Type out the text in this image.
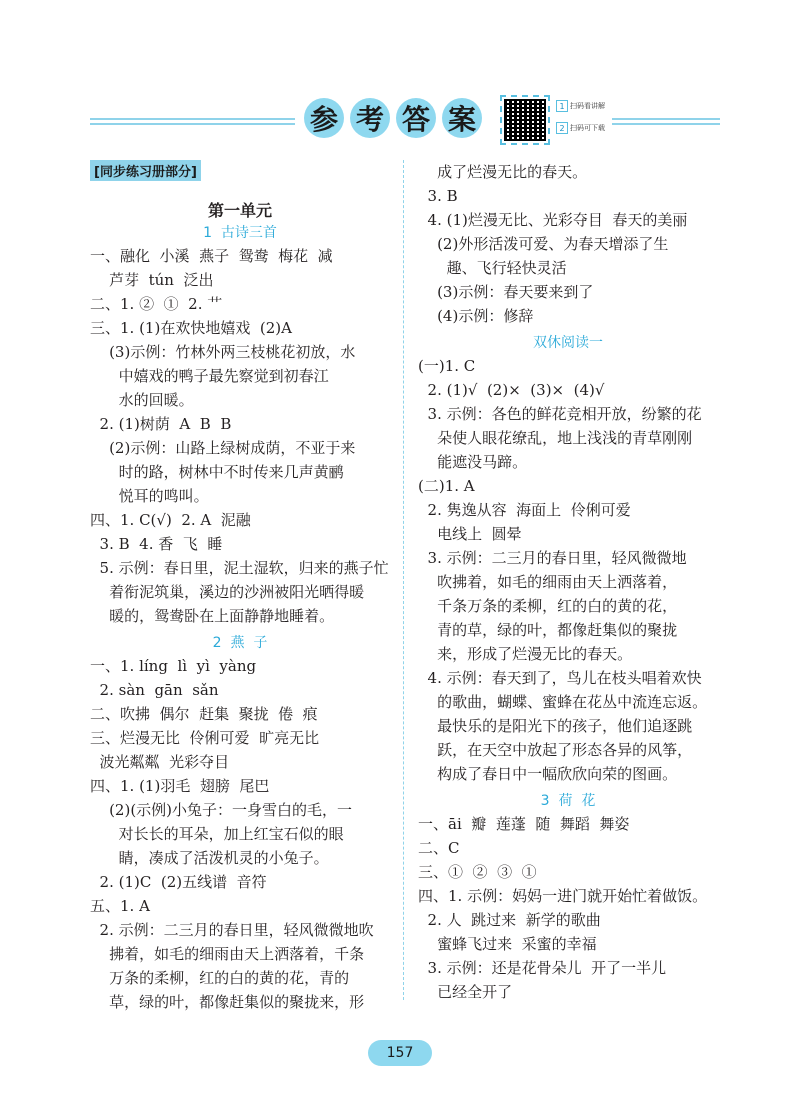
参 考 答 案	1 扫码看讲解
2 扫码可下载
[同步练习册部分]
第一单元
1  古诗三首
一、融化  小溪  燕子  鸳鸯  梅花  减
芦芽  tún  泛出
二、1. ②  ①  2. 艹
三、1. (1)在欢快地嬉戏  (2)A
(3)示例：竹林外两三枝桃花初放，水
中嬉戏的鸭子最先察觉到初春江
水的回暖。
2. (1)树荫  A  B  B
(2)示例：山路上绿树成荫，不亚于来
时的路，树林中不时传来几声黄鹂
悦耳的鸣叫。
四、1. C(√)  2. A  泥融
3. B  4. 香  飞  睡
5. 示例：春日里，泥土湿软，归来的燕子忙
着衔泥筑巢，溪边的沙洲被阳光晒得暖
暖的，鸳鸯卧在上面静静地睡着。
2  燕  子
一、1. líng  lì  yì  yàng
2. sàn  gān  sǎn
二、吹拂  偶尔  赶集  聚拢  倦  痕
三、烂漫无比  伶俐可爱  旷亮无比
波光粼粼  光彩夺目
四、1. (1)羽毛  翅膀  尾巴
(2)(示例)小兔子：一身雪白的毛，一
对长长的耳朵，加上红宝石似的眼
睛，凑成了活泼机灵的小兔子。
2. (1)C  (2)五线谱  音符
五、1. A
2. 示例：二三月的春日里，轻风微微地吹
拂着，如毛的细雨由天上洒落着，千条
万条的柔柳，红的白的黄的花，青的
草，绿的叶，都像赶集似的聚拢来，形
成了烂漫无比的春天。
3. B
4. (1)烂漫无比、光彩夺目  春天的美丽
(2)外形活泼可爱、为春天增添了生
趣、飞行轻快灵活
(3)示例：春天要来到了
(4)示例：修辞
双休阅读一
(一)1. C
2. (1)√  (2)×  (3)×  (4)√
3. 示例：各色的鲜花竞相开放，纷繁的花
朵使人眼花缭乱，地上浅浅的青草刚刚
能遮没马蹄。
(二)1. A
2. 隽逸从容  海面上  伶俐可爱
电线上  圆晕
3. 示例：二三月的春日里，轻风微微地
吹拂着，如毛的细雨由天上洒落着，
千条万条的柔柳，红的白的黄的花，
青的草，绿的叶，都像赶集似的聚拢
来，形成了烂漫无比的春天。
4. 示例：春天到了，鸟儿在枝头唱着欢快
的歌曲，蝴蝶、蜜蜂在花丛中流连忘返。
最快乐的是阳光下的孩子，他们追逐跳
跃，在天空中放起了形态各异的风筝，
构成了春日中一幅欣欣向荣的图画。
3  荷  花
一、āi  瓣  莲蓬  随  舞蹈  舞姿
二、C
三、①  ②  ③  ①
四、1. 示例：妈妈一进门就开始忙着做饭。
2. 人  跳过来  新学的歌曲
蜜蜂飞过来  采蜜的幸福
3. 示例：还是花骨朵儿  开了一半儿
已经全开了
157
